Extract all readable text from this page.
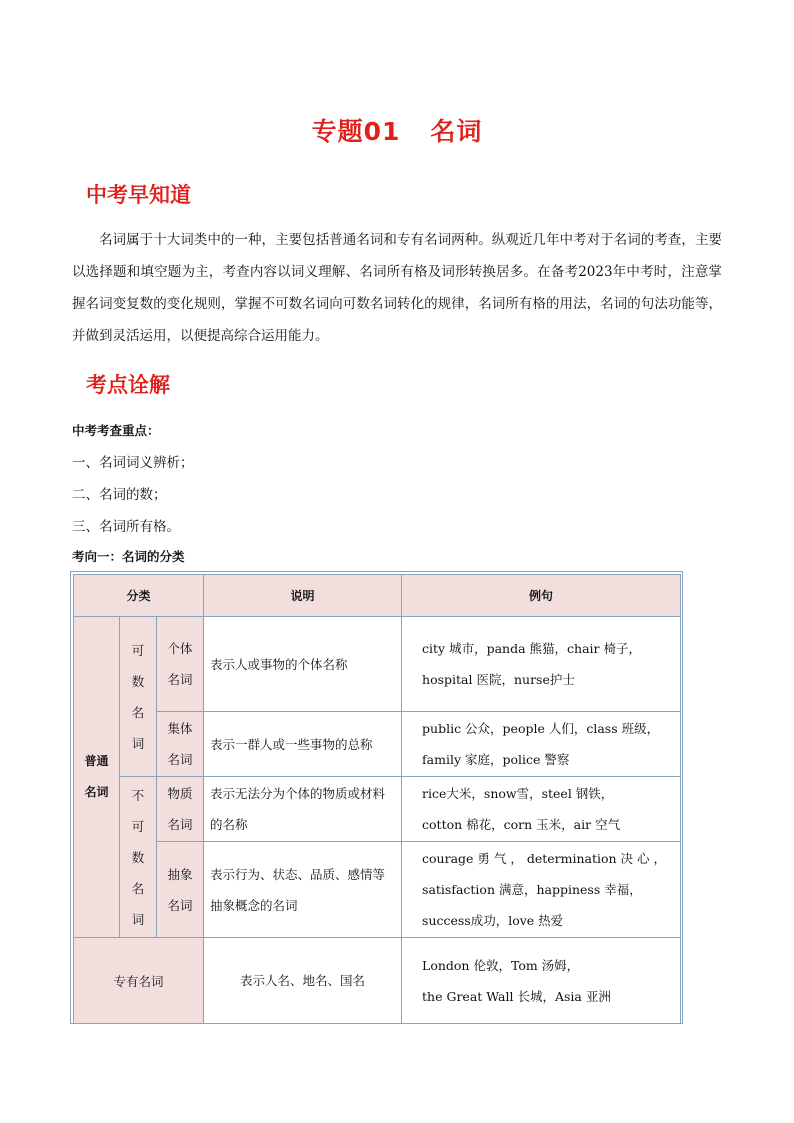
专题01 名词
中考早知道

名词属于十大词类中的一种，主要包括普通名词和专有名词两种。纵观近几年中考对于名词的考查，主要以选择题和填空题为主，考查内容以词义理解、名词所有格及词形转换居多。在备考2023年中考时，注意掌握名词变复数的变化规则，掌握不可数名词向可数名词转化的规律，名词所有格的用法，名词的句法功能等，并做到灵活运用，以便提高综合运用能力。

考点诠解
中考考查重点：
一、名词词义辨析；
二、名词的数；
三、名词所有格。
考向一：名词的分类
分类			说明	例句

普通名词	可数名词	个体名词	表示人或事物的个体名称	city 城市，panda 熊猫，chair 椅子，
hospital 医院，nurse护士

		集体名词	表示一群人或一些事物的总称	public 公众，people 人们，class 班级，
family 家庭，police 警察

	不可数名词	物质名词	表示无法分为个体的物质或材料的名称	rice大米，snow雪，steel 钢铁，
cotton 棉花，corn 玉米，air 空气

		抽象名词	表示行为、状态、品质、感情等抽象概念的名词	courage 勇 气 ， determination 决 心 ，
satisfaction 满意，happiness 幸福，
success成功，love 热爱

专有名词			表示人名、地名、国名	London 伦敦，Tom 汤姆，
the Great Wall 长城，Asia 亚洲
